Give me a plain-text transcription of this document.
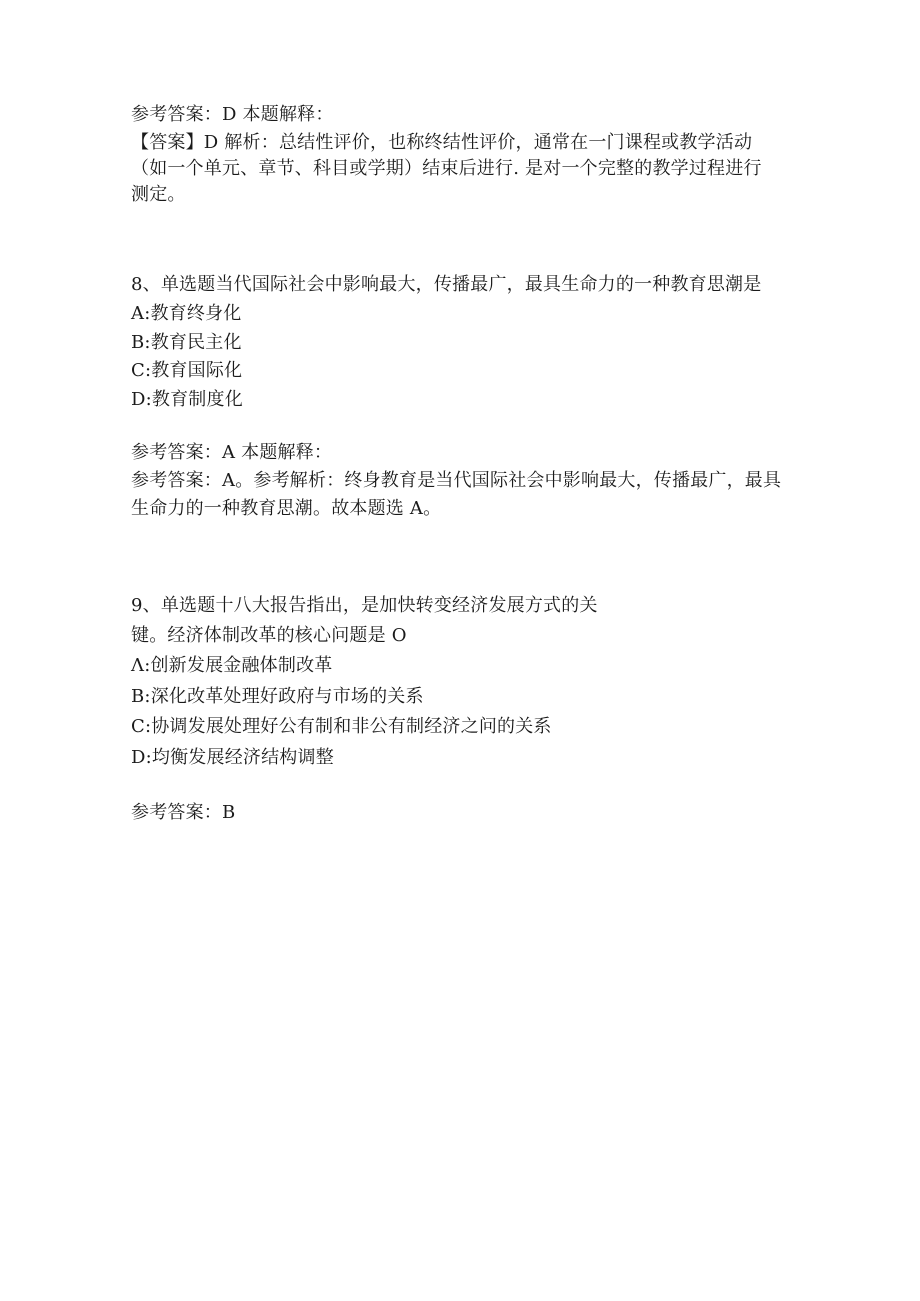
参考答案：D 本题解释：
【答案】D 解析：总结性评价，也称终结性评价，通常在一门课程或教学活动
（如一个单元、章节、科目或学期）结束后进行. 是对一个完整的教学过程进行
测定。
8、单选题当代国际社会中影响最大，传播最广，最具生命力的一种教育思潮是
A:教育终身化
B:教育民主化
C:教育国际化
D:教育制度化
参考答案：A 本题解释：
参考答案：A。参考解析：终身教育是当代国际社会中影响最大，传播最广，最具
生命力的一种教育思潮。故本题选 A。
9、单选题十八大报告指出，是加快转变经济发展方式的关
键。经济体制改革的核心问题是 O
Λ:创新发展金融体制改革
B:深化改革处理好政府与市场的关系
C:协调发展处理好公有制和非公有制经济之问的关系
D:均衡发展经济结构调整
参考答案：B
